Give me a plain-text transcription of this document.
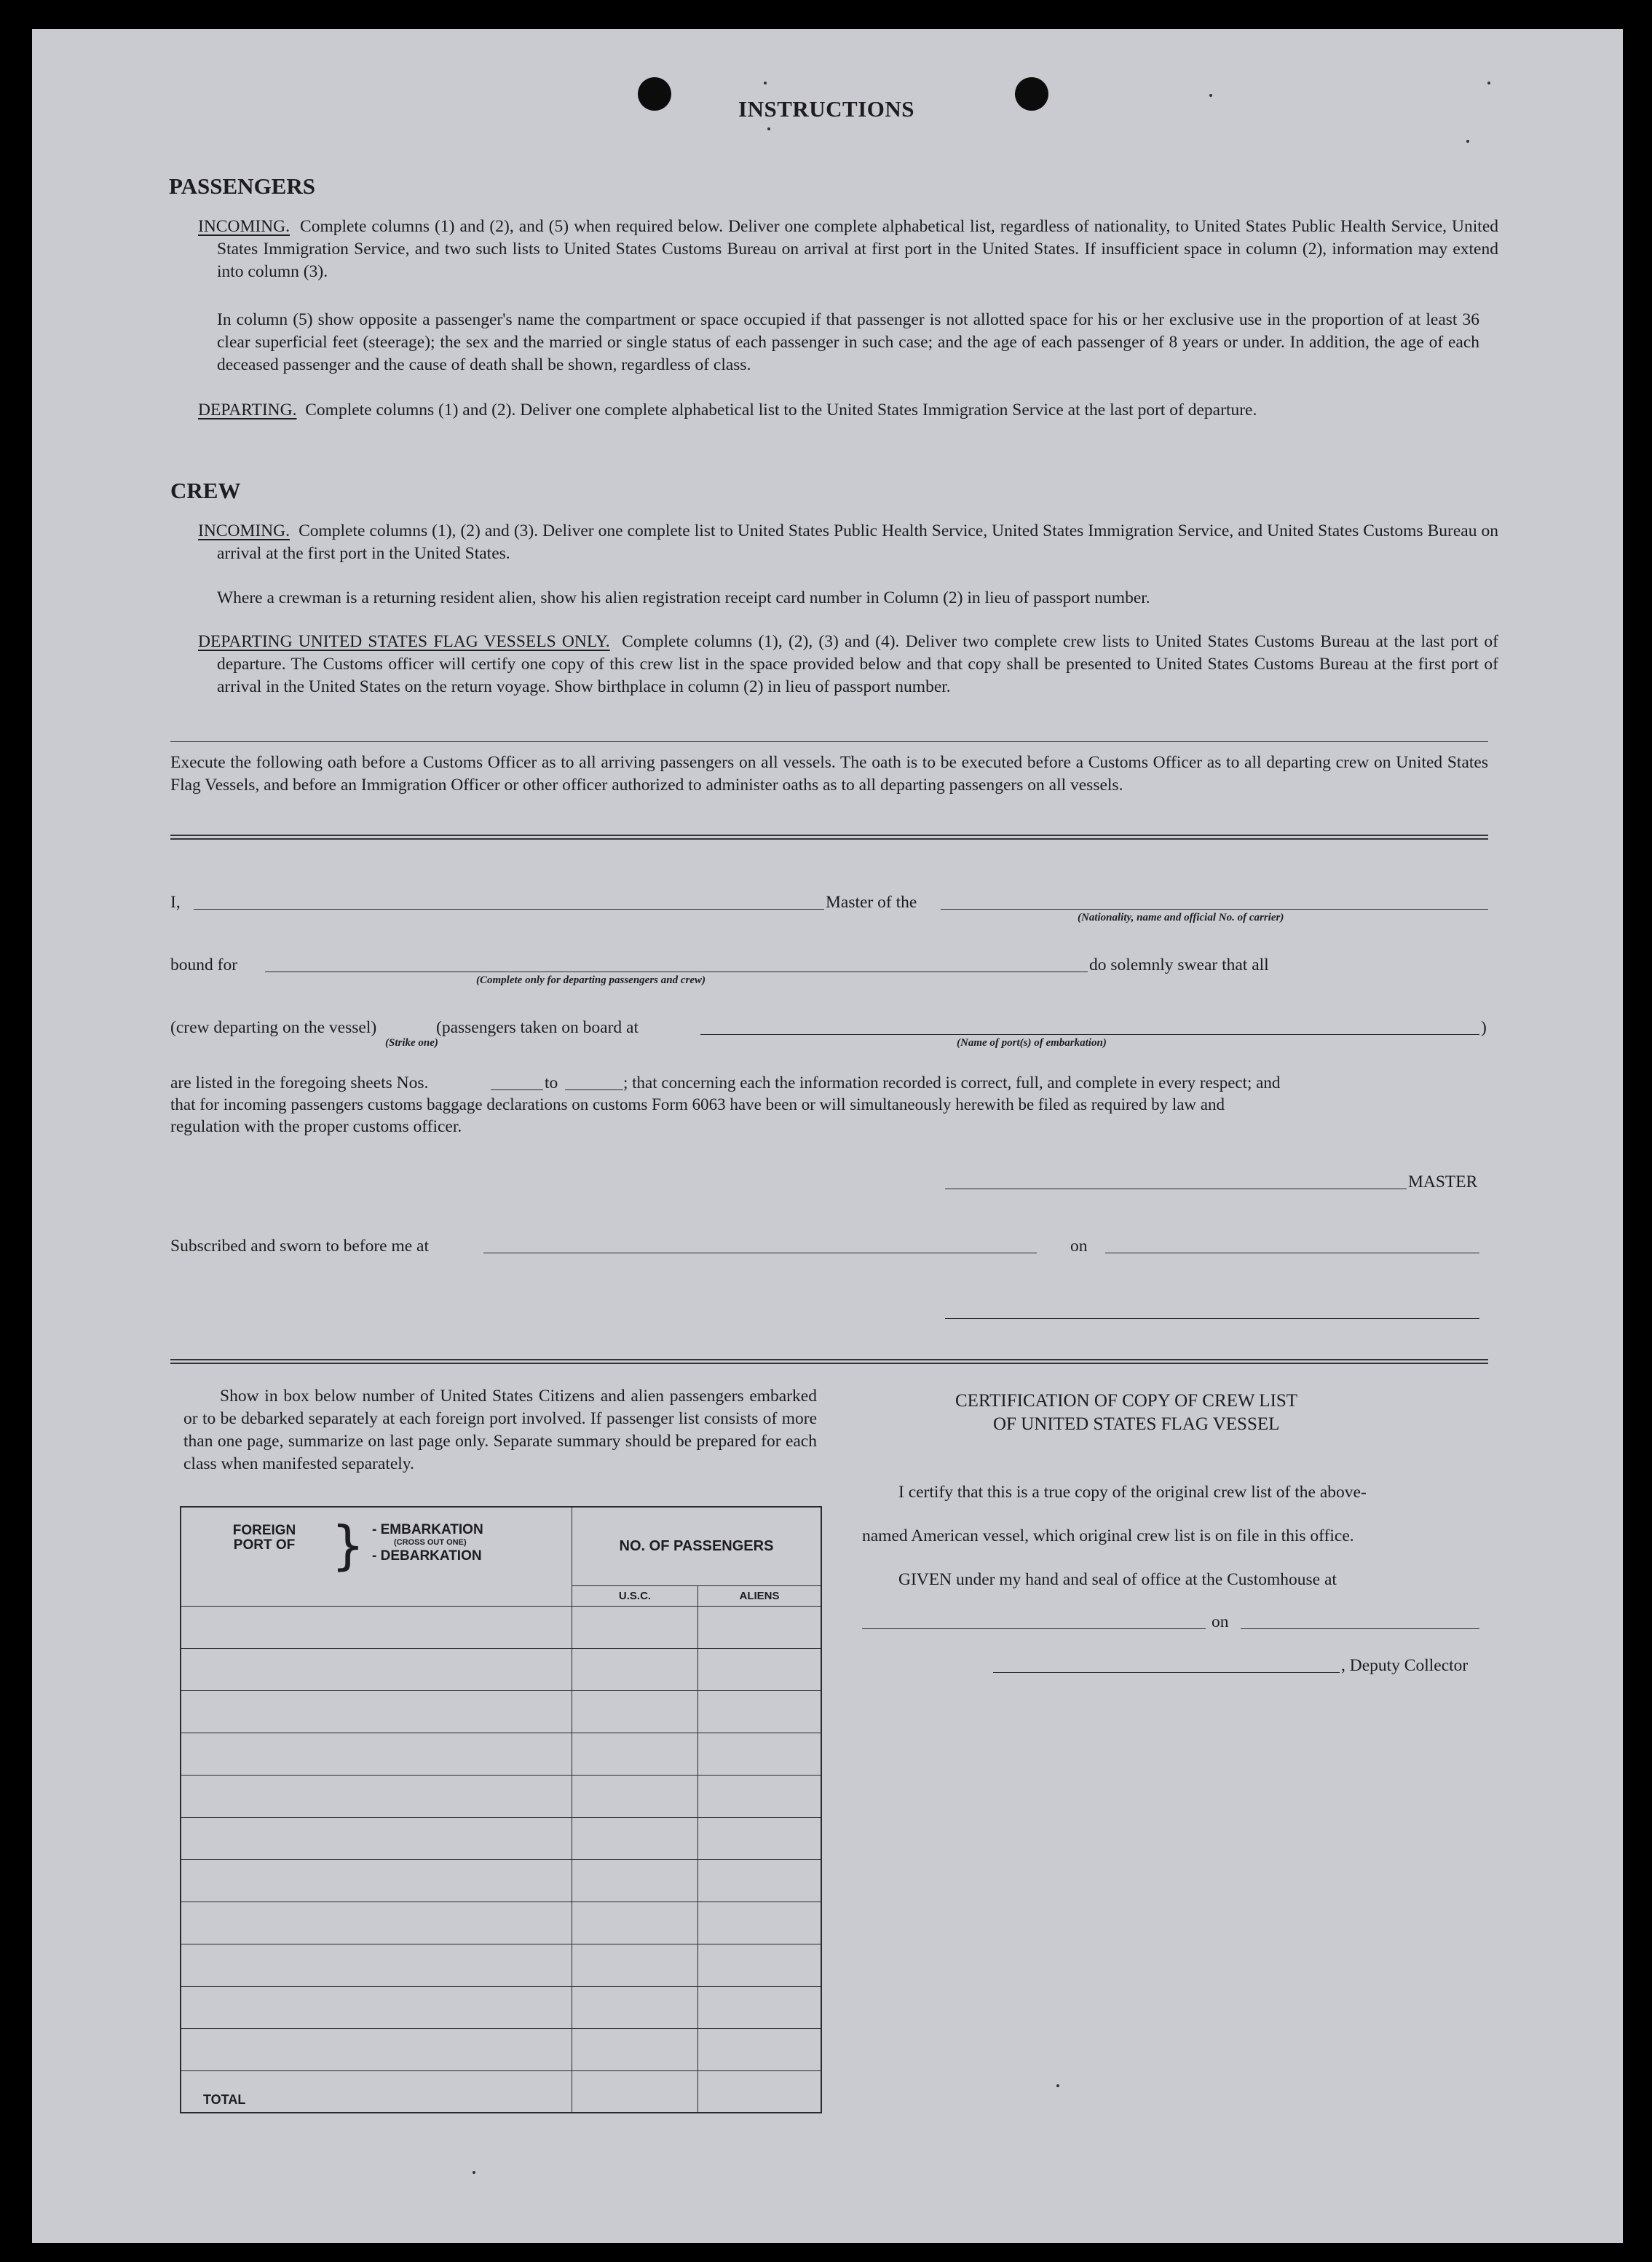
INSTRUCTIONS
PASSENGERS
INCOMING. Complete columns (1) and (2), and (5) when required below. Deliver one complete alphabetical list, regardless of nationality, to United States Public Health Service, United States Immigration Service, and two such lists to United States Customs Bureau on arrival at first port in the United States. If insufficient space in column (2), information may extend into column (3).
In column (5) show opposite a passenger's name the compartment or space occupied if that passenger is not allotted space for his or her exclusive use in the proportion of at least 36 clear superficial feet (steerage); the sex and the married or single status of each passenger in such case; and the age of each passenger of 8 years or under. In addition, the age of each deceased passenger and the cause of death shall be shown, regardless of class.
DEPARTING. Complete columns (1) and (2). Deliver one complete alphabetical list to the United States Immigration Service at the last port of departure.
CREW
INCOMING. Complete columns (1), (2) and (3). Deliver one complete list to United States Public Health Service, United States Immigration Service, and United States Customs Bureau on arrival at the first port in the United States.
Where a crewman is a returning resident alien, show his alien registration receipt card number in Column (2) in lieu of passport number.
DEPARTING UNITED STATES FLAG VESSELS ONLY. Complete columns (1), (2), (3) and (4). Deliver two complete crew lists to United States Customs Bureau at the last port of departure. The Customs officer will certify one copy of this crew list in the space provided below and that copy shall be presented to United States Customs Bureau at the first port of arrival in the United States on the return voyage. Show birthplace in column (2) in lieu of passport number.
Execute the following oath before a Customs Officer as to all arriving passengers on all vessels. The oath is to be executed before a Customs Officer as to all departing crew on United States Flag Vessels, and before an Immigration Officer or other officer authorized to administer oaths as to all departing passengers on all vessels.
I,	Master of the
(Nationality, name and official No. of carrier)
bound for	do solemnly swear that all
(Complete only for departing passengers and crew)
(crew departing on the vessel)	(passengers taken on board at	)
(Strike one)	(Name of port(s) of embarkation)
are listed in the foregoing sheets Nos.	to	; that concerning each the information recorded is correct, full, and complete in every respect; and
that for incoming passengers customs baggage declarations on customs Form 6063 have been or will simultaneously herewith be filed as required by law and
regulation with the proper customs officer.
MASTER
Subscribed and sworn to before me at	on
Show in box below number of United States Citizens and alien passengers embarked or to be debarked separately at each foreign port involved. If passenger list consists of more than one page, summarize on last page only. Separate summary should be prepared for each class when manifested separately.
FOREIGN PORT OF } - EMBARKATION
(CROSS OUT ONE)
- DEBARKATION	NO. OF PASSENGERS	
	U.S.C.	ALIENS

TOTAL		
CERTIFICATION OF COPY OF CREW LIST
OF UNITED STATES FLAG VESSEL
I certify that this is a true copy of the original crew list of the above-
named American vessel, which original crew list is on file in this office.
GIVEN under my hand and seal of office at the Customhouse at
on
, Deputy Collector
